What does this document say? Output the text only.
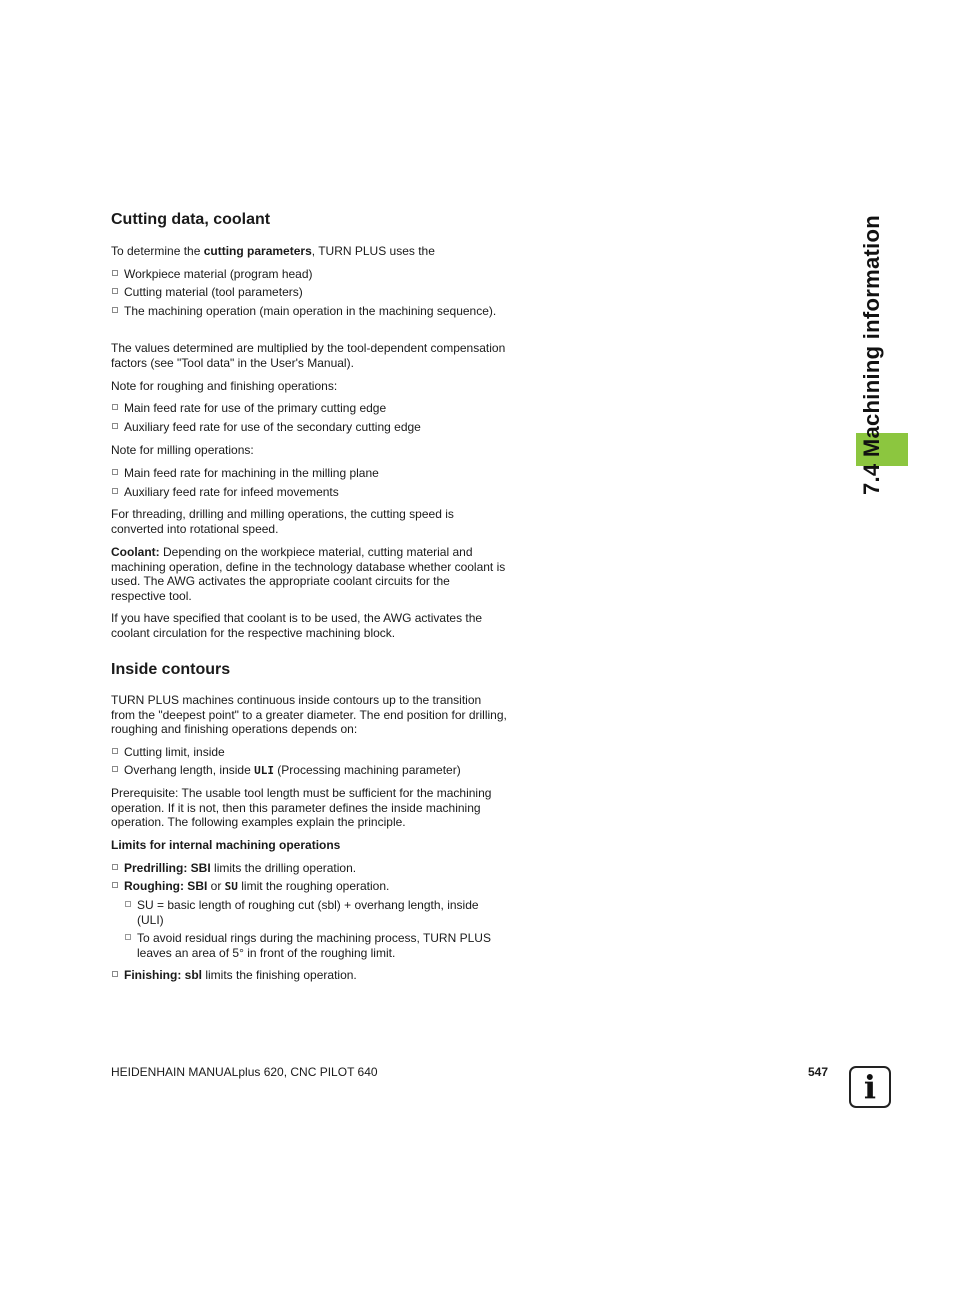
7.4 Machining information
Cutting data, coolant

To determine the cutting parameters, TURN PLUS uses the

Workpiece material (program head)
Cutting material (tool parameters)
The machining operation (main operation in the machining sequence).

The values determined are multiplied by the tool-dependent compensation factors (see "Tool data" in the User's Manual).

Note for roughing and finishing operations:

Main feed rate for use of the primary cutting edge
Auxiliary feed rate for use of the secondary cutting edge

Note for milling operations:

Main feed rate for machining in the milling plane
Auxiliary feed rate for infeed movements

For threading, drilling and milling operations, the cutting speed is converted into rotational speed.

Coolant: Depending on the workpiece material, cutting material and machining operation, define in the technology database whether coolant is used. The AWG activates the appropriate coolant circuits for the respective tool.

If you have specified that coolant is to be used, the AWG activates the coolant circulation for the respective machining block.

Inside contours

TURN PLUS machines continuous inside contours up to the transition from the "deepest point" to a greater diameter. The end position for drilling, roughing and finishing operations depends on:

Cutting limit, inside
Overhang length, inside ULI (Processing machining parameter)

Prerequisite: The usable tool length must be sufficient for the machining operation. If it is not, then this parameter defines the inside machining operation. The following examples explain the principle.

Limits for internal machining operations

Predrilling: SBI limits the drilling operation.
Roughing: SBI or SU limit the roughing operation.
SU = basic length of roughing cut (sbl) + overhang length, inside (ULI)
To avoid residual rings during the machining process, TURN PLUS leaves an area of 5° in front of the roughing limit.
Finishing: sbl limits the finishing operation.
HEIDENHAIN MANUALplus 620, CNC PILOT 640	547	i
